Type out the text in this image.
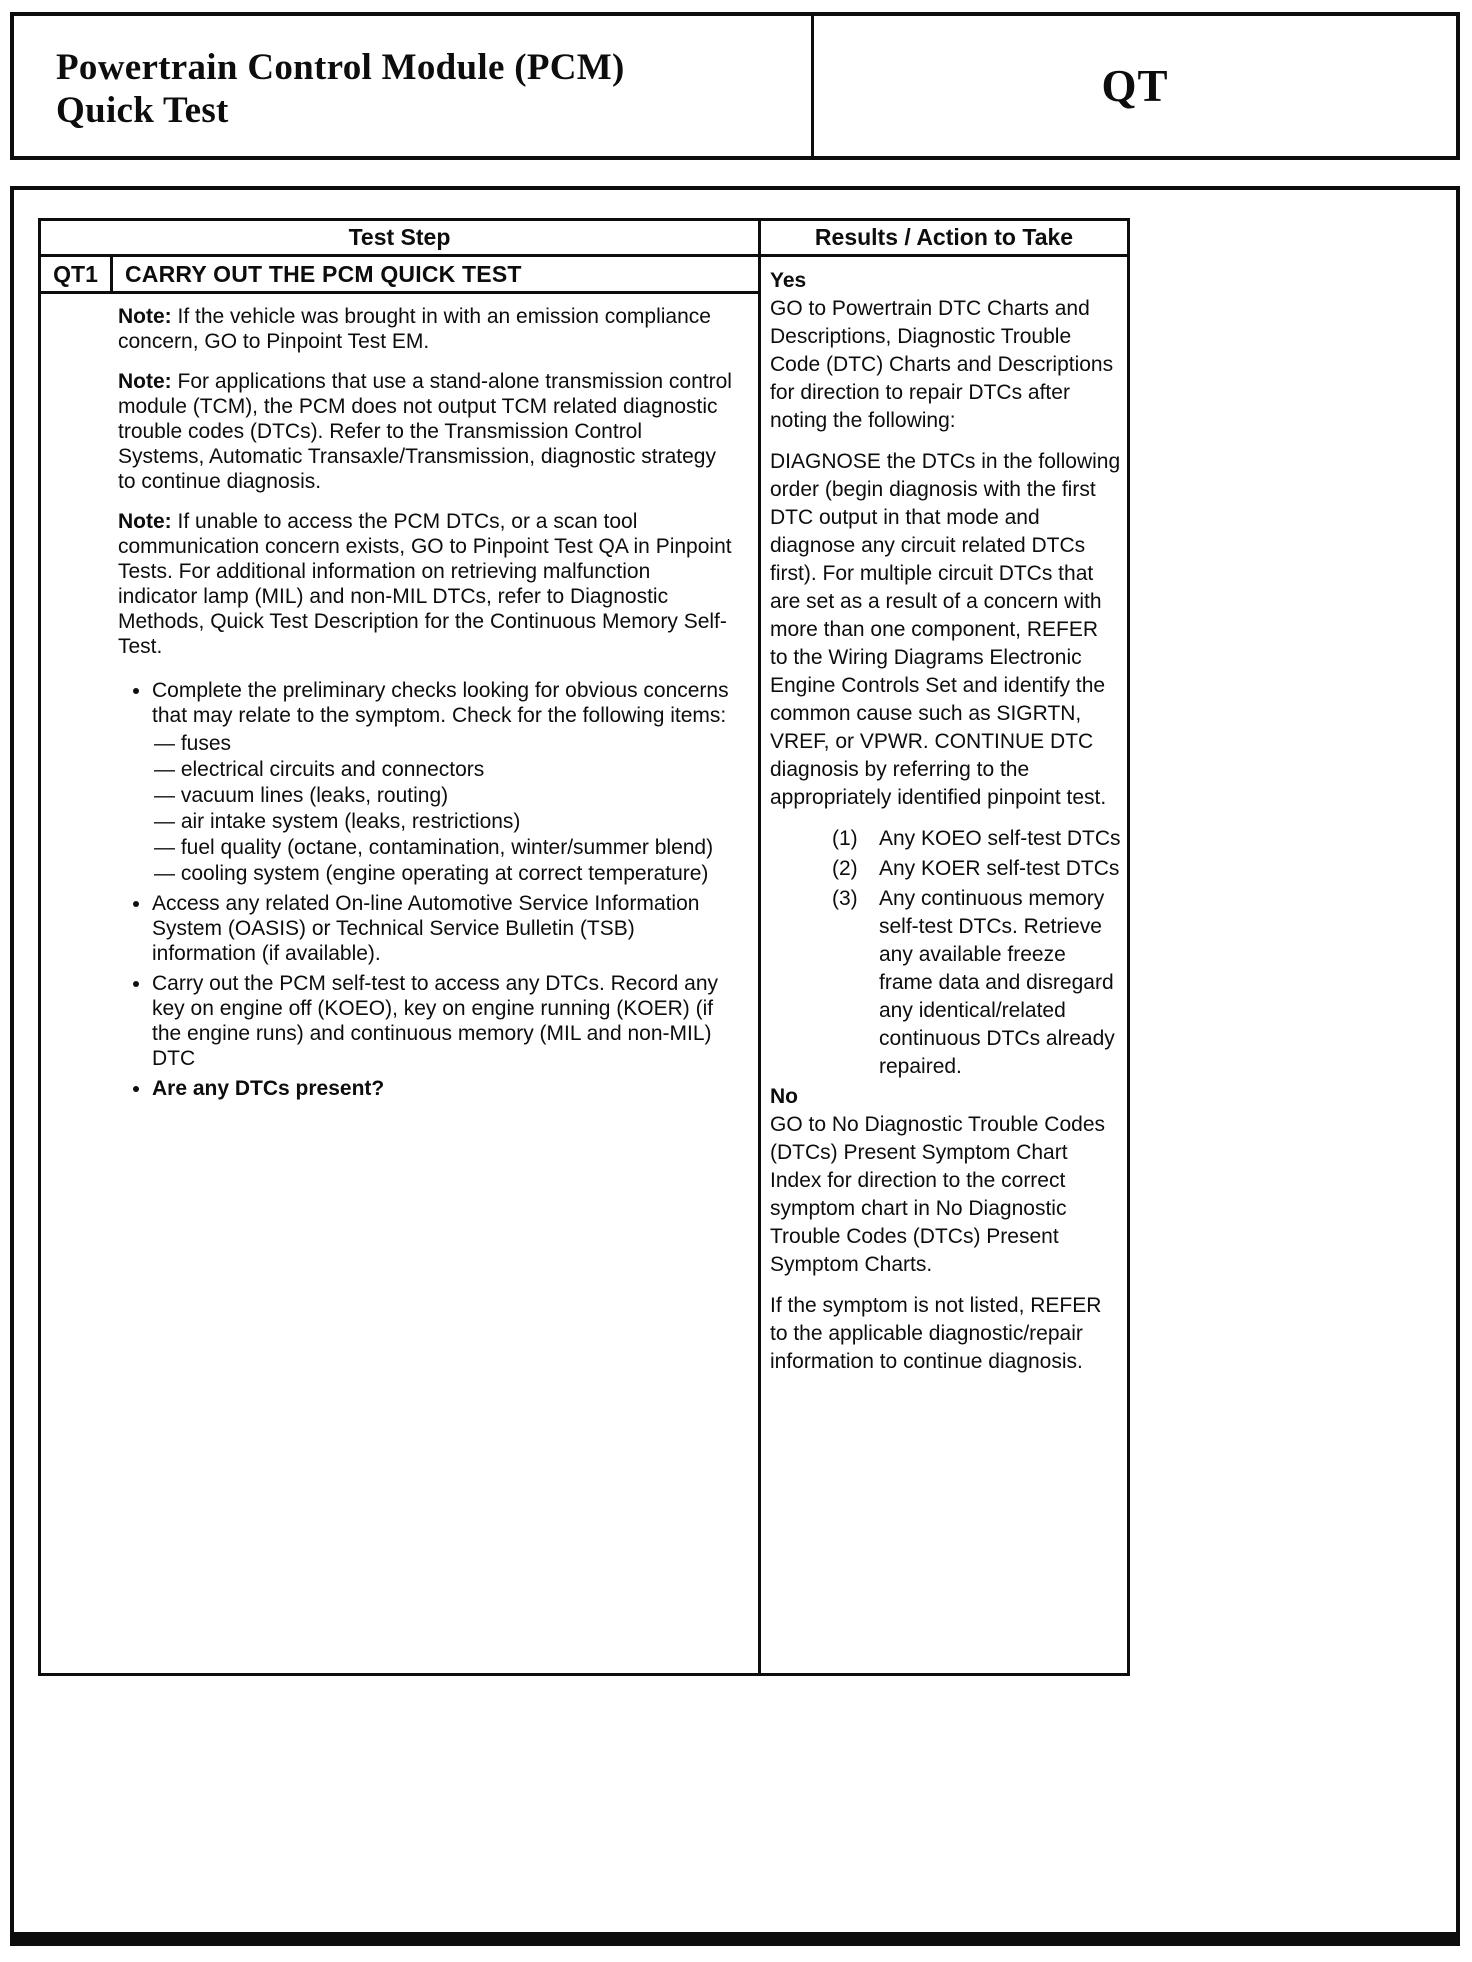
Powertrain Control Module (PCM)
Quick Test	QT
Test Step
QT1	CARRY OUT THE PCM QUICK TEST

Note: If the vehicle was brought in with an emission compliance concern, GO to Pinpoint Test EM.

Note: For applications that use a stand-alone transmission control module (TCM), the PCM does not output TCM related diagnostic trouble codes (DTCs). Refer to the Transmission Control Systems, Automatic Transaxle/Transmission, diagnostic strategy to continue diagnosis.

Note: If unable to access the PCM DTCs, or a scan tool communication concern exists, GO to Pinpoint Test QA in Pinpoint Tests. For additional information on retrieving malfunction indicator lamp (MIL) and non-MIL DTCs, refer to Diagnostic Methods, Quick Test Description for the Continuous Memory Self-Test.

• Complete the preliminary checks looking for obvious concerns that may relate to the symptom. Check for the following items:
— fuses
— electrical circuits and connectors
— vacuum lines (leaks, routing)
— air intake system (leaks, restrictions)
— fuel quality (octane, contamination, winter/summer blend)
— cooling system (engine operating at correct temperature)
• Access any related On-line Automotive Service Information System (OASIS) or Technical Service Bulletin (TSB) information (if available).
• Carry out the PCM self-test to access any DTCs. Record any key on engine off (KOEO), key on engine running (KOER) (if the engine runs) and continuous memory (MIL and non-MIL) DTC
• Are any DTCs present?
Results / Action to Take

Yes

GO to Powertrain DTC Charts and Descriptions, Diagnostic Trouble Code (DTC) Charts and Descriptions for direction to repair DTCs after noting the following:

DIAGNOSE the DTCs in the following order (begin diagnosis with the first DTC output in that mode and diagnose any circuit related DTCs first). For multiple circuit DTCs that are set as a result of a concern with more than one component, REFER to the Wiring Diagrams Electronic Engine Controls Set and identify the common cause such as SIGRTN, VREF, or VPWR. CONTINUE DTC diagnosis by referring to the appropriately identified pinpoint test.

(1)	Any KOEO self-test DTCs
(2)	Any KOER self-test DTCs
(3)	Any continuous memory self-test DTCs. Retrieve any available freeze frame data and disregard any identical/related continuous DTCs already repaired.

No

GO to No Diagnostic Trouble Codes (DTCs) Present Symptom Chart Index for direction to the correct symptom chart in No Diagnostic Trouble Codes (DTCs) Present Symptom Charts.

If the symptom is not listed, REFER to the applicable diagnostic/repair information to continue diagnosis.
